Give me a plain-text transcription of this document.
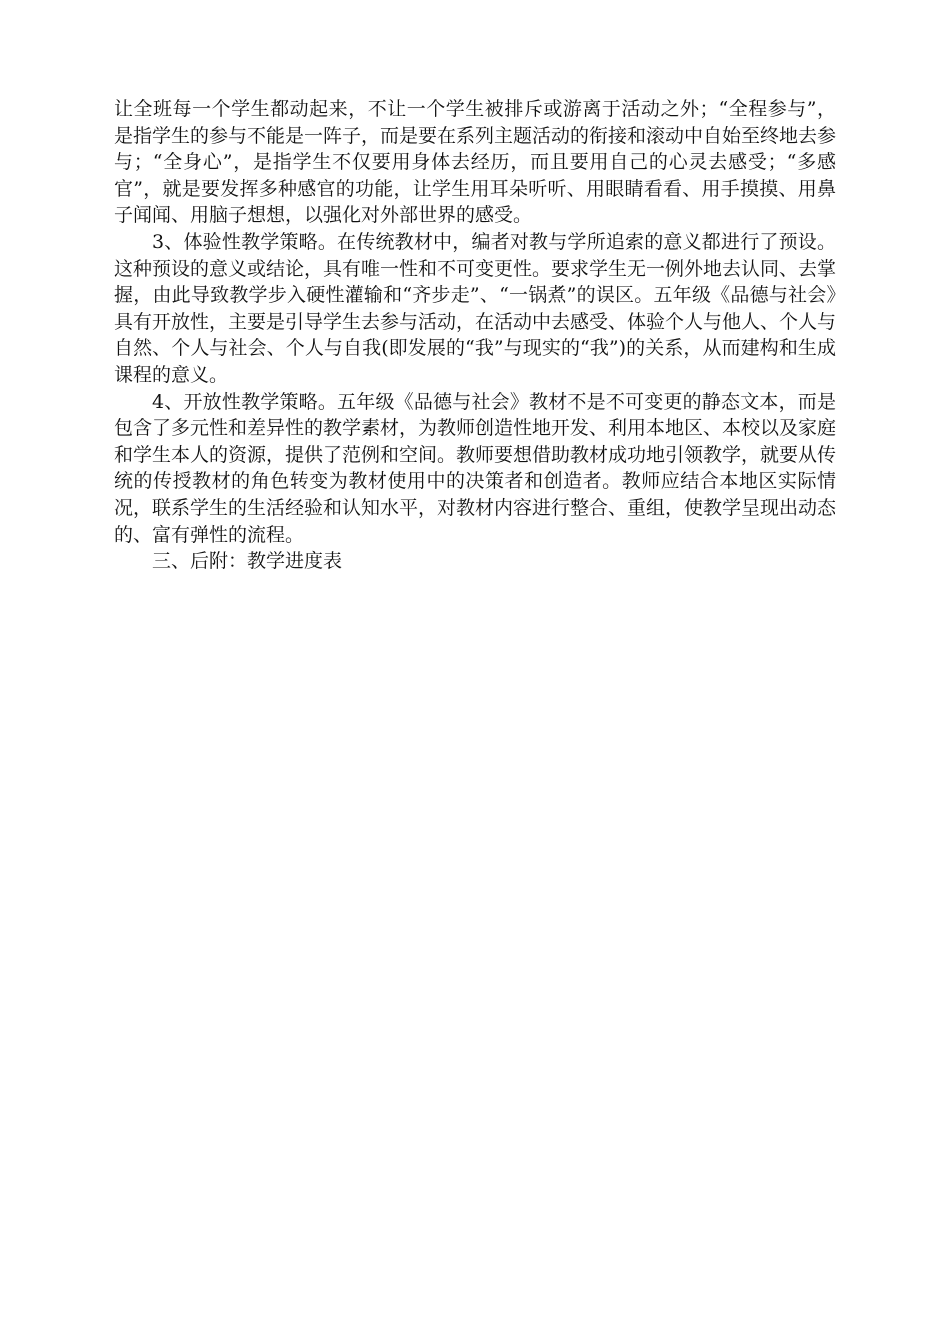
让全班每一个学生都动起来，不让一个学生被排斥或游离于活动之外；“全程参与”，是指学生的参与不能是一阵子，而是要在系列主题活动的衔接和滚动中自始至终地去参与；“全身心”，是指学生不仅要用身体去经历，而且要用自己的心灵去感受；“多感官”，就是要发挥多种感官的功能，让学生用耳朵听听、用眼睛看看、用手摸摸、用鼻子闻闻、用脑子想想，以强化对外部世界的感受。

3、体验性教学策略。在传统教材中，编者对教与学所追索的意义都进行了预设。这种预设的意义或结论，具有唯一性和不可变更性。要求学生无一例外地去认同、去掌握，由此导致教学步入硬性灌输和“齐步走”、“一锅煮”的误区。五年级《品德与社会》具有开放性，主要是引导学生去参与活动，在活动中去感受、体验个人与他人、个人与自然、个人与社会、个人与自我(即发展的“我”与现实的“我”)的关系，从而建构和生成课程的意义。

4、开放性教学策略。五年级《品德与社会》教材不是不可变更的静态文本，而是包含了多元性和差异性的教学素材，为教师创造性地开发、利用本地区、本校以及家庭和学生本人的资源，提供了范例和空间。教师要想借助教材成功地引领教学，就要从传统的传授教材的角色转变为教材使用中的决策者和创造者。教师应结合本地区实际情况，联系学生的生活经验和认知水平，对教材内容进行整合、重组，使教学呈现出动态的、富有弹性的流程。

三、后附：教学进度表
